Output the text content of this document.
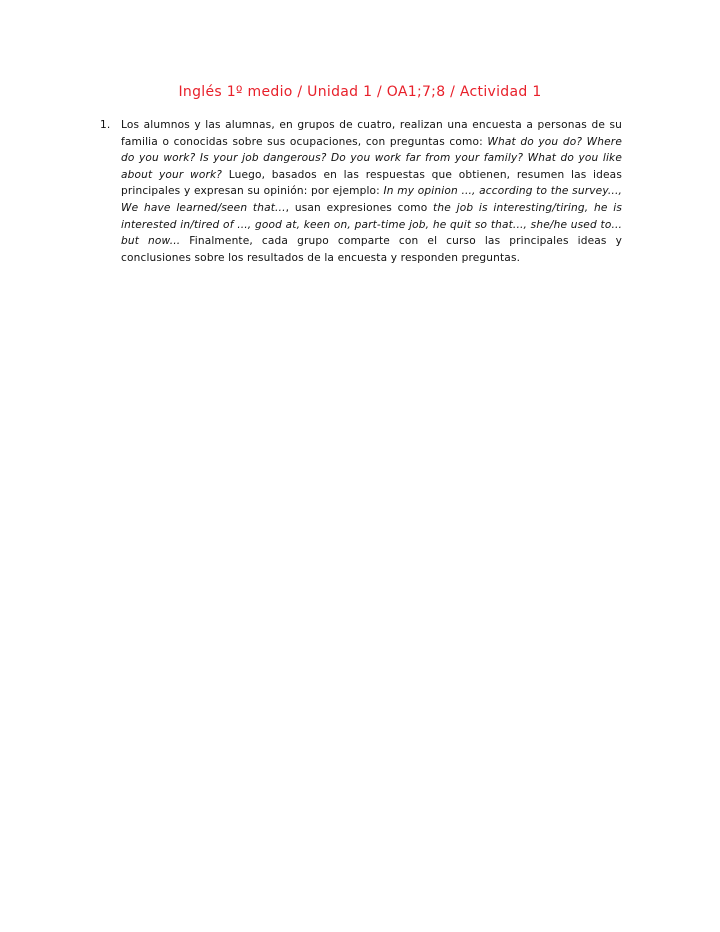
Inglés 1º medio / Unidad 1 / OA1;7;8 / Actividad 1
1. Los alumnos y las alumnas, en grupos de cuatro, realizan una encuesta a personas de su familia o conocidas sobre sus ocupaciones, con preguntas como: What do you do? Where do you work? Is your job dangerous? Do you work far from your family? What do you like about your work? Luego, basados en las respuestas que obtienen, resumen las ideas principales y expresan su opinión: por ejemplo: In my opinion ..., according to the survey..., We have learned/seen that..., usan expresiones como the job is interesting/tiring, he is interested in/tired of ..., good at, keen on, part-time job, he quit so that..., she/he used to... but now... Finalmente, cada grupo comparte con el curso las principales ideas y conclusiones sobre los resultados de la encuesta y responden preguntas.
